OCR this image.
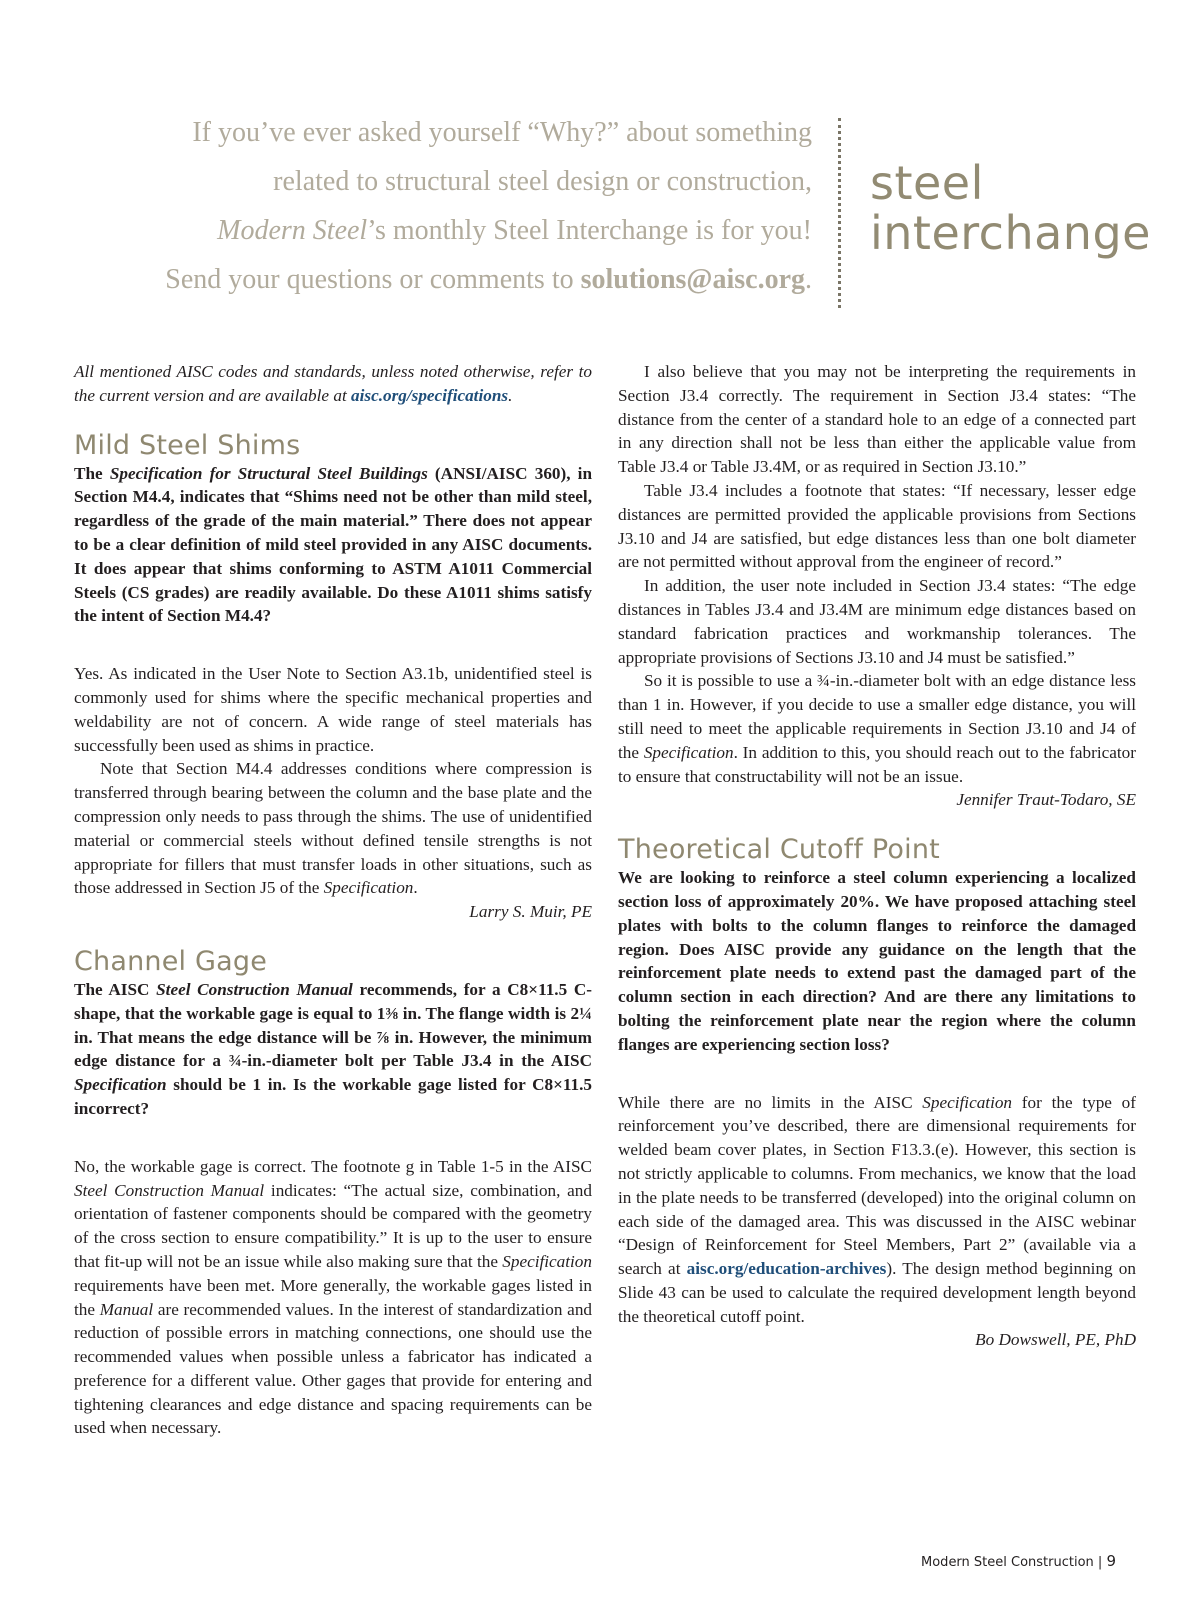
If you’ve ever asked yourself “Why?” about something
related to structural steel design or construction,
Modern Steel’s monthly Steel Interchange is for you!
Send your questions or comments to solutions@aisc.org.
steel
interchange

All mentioned AISC codes and standards, unless noted otherwise, refer to the current version and are available at aisc.org/specifications.

Mild Steel Shims

The Specification for Structural Steel Buildings (ANSI/AISC 360), in Section M4.4, indicates that “Shims need not be other than mild steel, regardless of the grade of the main material.” There does not appear to be a clear definition of mild steel provided in any AISC documents. It does appear that shims conforming to ASTM A1011 Commercial Steels (CS grades) are readily available. Do these A1011 shims satisfy the intent of Section M4.4?

Yes. As indicated in the User Note to Section A3.1b, unidentified steel is commonly used for shims where the specific mechanical properties and weldability are not of concern. A wide range of steel materials has successfully been used as shims in practice.

Note that Section M4.4 addresses conditions where compression is transferred through bearing between the column and the base plate and the compression only needs to pass through the shims. The use of unidentified material or commercial steels without defined tensile strengths is not appropriate for fillers that must transfer loads in other situations, such as those addressed in Section J5 of the Specification.

Larry S. Muir, PE

Channel Gage

The AISC Steel Construction Manual recommends, for a C8×11.5 C-shape, that the workable gage is equal to 1⅜ in. The flange width is 2¼ in. That means the edge distance will be ⅞ in. However, the minimum edge distance for a ¾-in.-diameter bolt per Table J3.4 in the AISC Specification should be 1 in. Is the workable gage listed for C8×11.5 incorrect?

No, the workable gage is correct. The footnote g in Table 1-5 in the AISC Steel Construction Manual indicates: “The actual size, combination, and orientation of fastener components should be compared with the geometry of the cross section to ensure compatibility.” It is up to the user to ensure that fit-up will not be an issue while also making sure that the Specification requirements have been met. More generally, the workable gages listed in the Manual are recommended values. In the interest of standardization and reduction of possible errors in matching connections, one should use the recommended values when possible unless a fabricator has indicated a preference for a different value. Other gages that provide for entering and tightening clearances and edge distance and spacing requirements can be used when necessary.

I also believe that you may not be interpreting the requirements in Section J3.4 correctly. The requirement in Section J3.4 states: “The distance from the center of a standard hole to an edge of a connected part in any direction shall not be less than either the applicable value from Table J3.4 or Table J3.4M, or as required in Section J3.10.”

Table J3.4 includes a footnote that states: “If necessary, lesser edge distances are permitted provided the applicable provisions from Sections J3.10 and J4 are satisfied, but edge distances less than one bolt diameter are not permitted without approval from the engineer of record.”

In addition, the user note included in Section J3.4 states: “The edge distances in Tables J3.4 and J3.4M are minimum edge distances based on standard fabrication practices and workmanship tolerances. The appropriate provisions of Sections J3.10 and J4 must be satisfied.”

So it is possible to use a ¾-in.-diameter bolt with an edge distance less than 1 in. However, if you decide to use a smaller edge distance, you will still need to meet the applicable requirements in Section J3.10 and J4 of the Specification. In addition to this, you should reach out to the fabricator to ensure that constructability will not be an issue.

Jennifer Traut-Todaro, SE

Theoretical Cutoff Point

We are looking to reinforce a steel column experiencing a localized section loss of approximately 20%. We have proposed attaching steel plates with bolts to the column flanges to reinforce the damaged region. Does AISC provide any guidance on the length that the reinforcement plate needs to extend past the damaged part of the column section in each direction? And are there any limitations to bolting the reinforcement plate near the region where the column flanges are experiencing section loss?

While there are no limits in the AISC Specification for the type of reinforcement you’ve described, there are dimensional requirements for welded beam cover plates, in Section F13.3.(e). However, this section is not strictly applicable to columns. From mechanics, we know that the load in the plate needs to be transferred (developed) into the original column on each side of the damaged area. This was discussed in the AISC webinar “Design of Reinforcement for Steel Members, Part 2” (available via a search at aisc.org/education-archives). The design method beginning on Slide 43 can be used to calculate the required development length beyond the theoretical cutoff point.

Bo Dowswell, PE, PhD

Modern Steel Construction | 9
